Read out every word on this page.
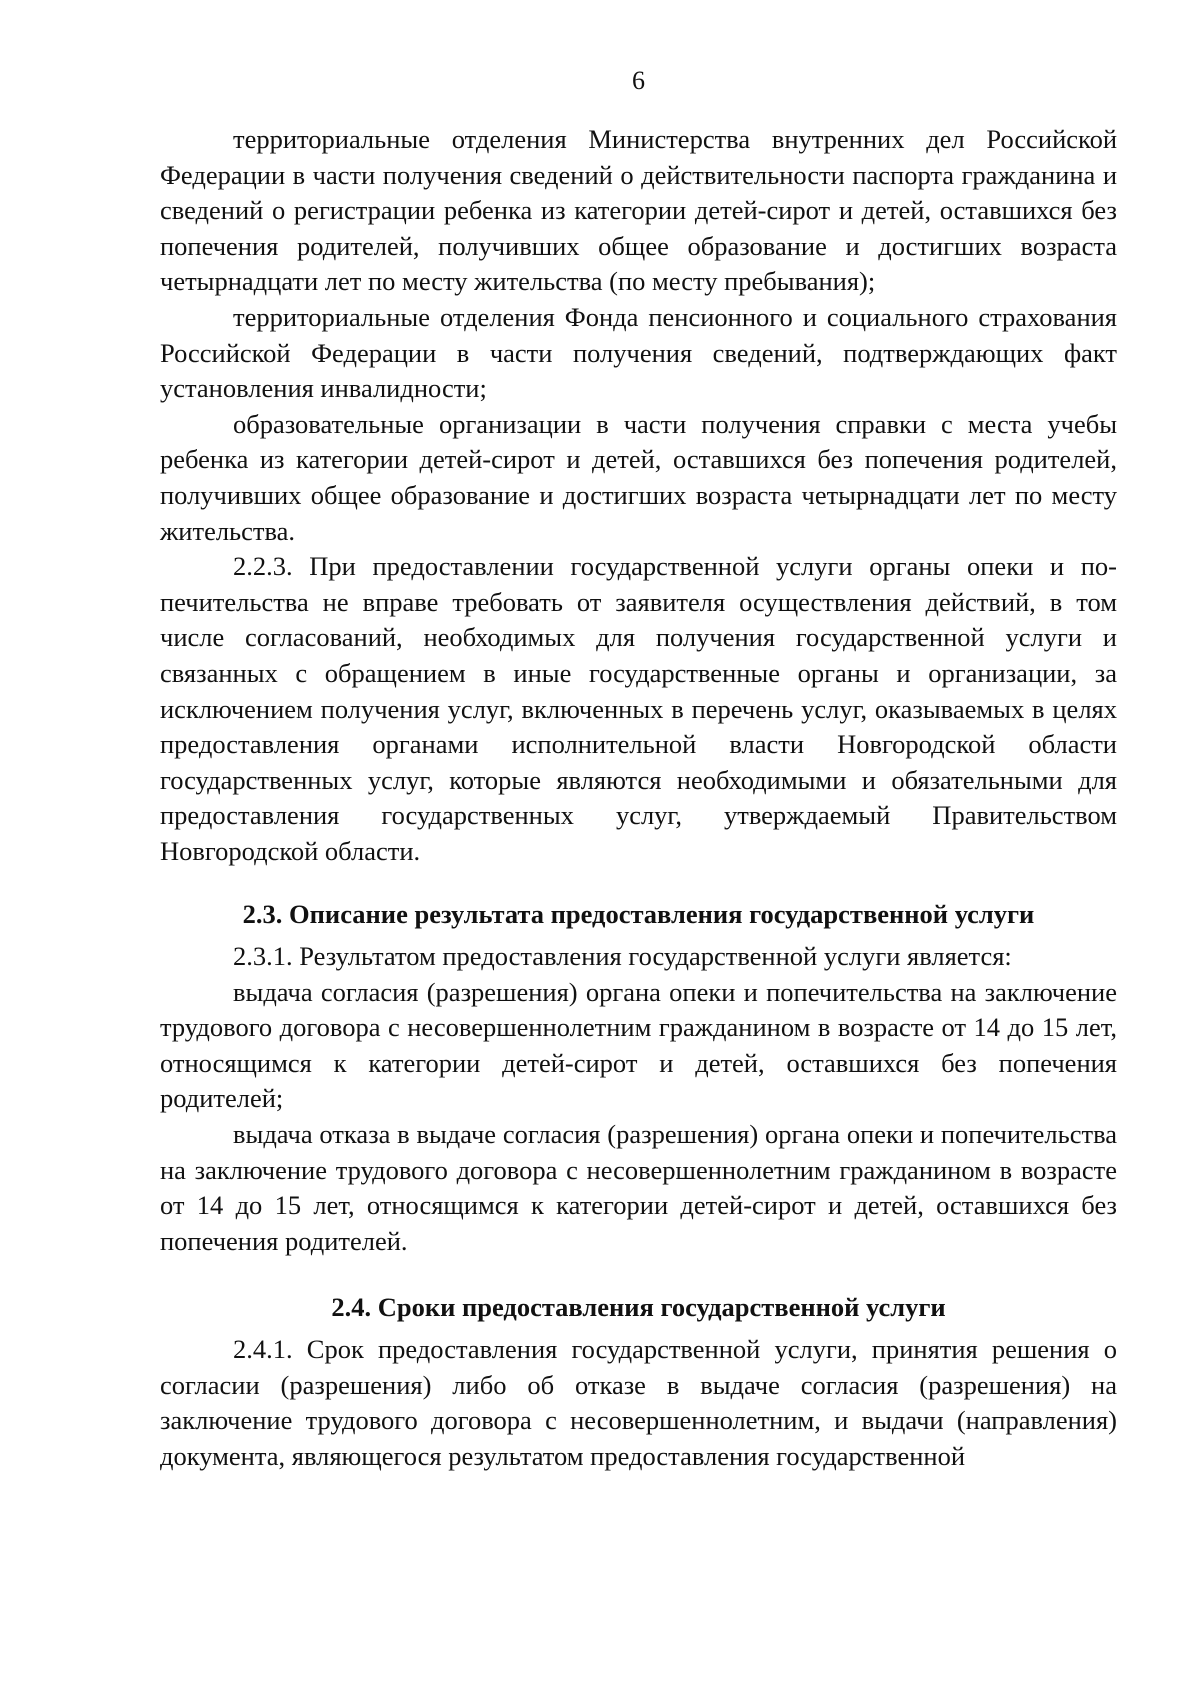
6

территориальные отделения Министерства внутренних дел Российской Федерации в части получения сведений о действительности паспорта гражданина и сведений о регистрации ребенка из категории детей-сирот и детей, оставшихся без попечения родителей, получивших общее образование и достигших возраста четырнадцати лет по месту жительства (по месту пребывания);

территориальные отделения Фонда пенсионного и социального страхования Российской Федерации в части получения сведений, подтверждающих факт установления инвалидности;

образовательные организации в части получения справки с места учебы ребенка из категории детей-сирот и детей, оставшихся без попечения родителей, получивших общее образование и достигших возраста четырнадцати лет по месту жительства.

2.2.3. При предоставлении государственной услуги органы опеки и попечительства не вправе требовать от заявителя осуществления действий, в том числе согласований, необходимых для получения государственной услуги и связанных с обращением в иные государственные органы и организации, за исключением получения услуг, включенных в перечень услуг, оказываемых в целях предоставления органами исполнительной власти Новгородской области государственных услуг, которые являются необходимыми и обязательными для предоставления государственных услуг, утверждаемый Правительством Новгородской области.

2.3. Описание результата предоставления государственной услуги

2.3.1. Результатом предоставления государственной услуги является:

выдача согласия (разрешения) органа опеки и попечительства на заключение трудового договора с несовершеннолетним гражданином в возрасте от 14 до 15 лет, относящимся к категории детей-сирот и детей, оставшихся без попечения родителей;

выдача отказа в выдаче согласия (разрешения) органа опеки и попечительства на заключение трудового договора с несовершеннолетним гражданином в возрасте от 14 до 15 лет, относящимся к категории детей-сирот и детей, оставшихся без попечения родителей.

2.4. Сроки предоставления государственной услуги

2.4.1. Срок предоставления государственной услуги, принятия решения о согласии (разрешения) либо об отказе в выдаче согласия (разрешения) на заключение трудового договора с несовершеннолетним, и выдачи (направления) документа, являющегося результатом предоставления государственной
